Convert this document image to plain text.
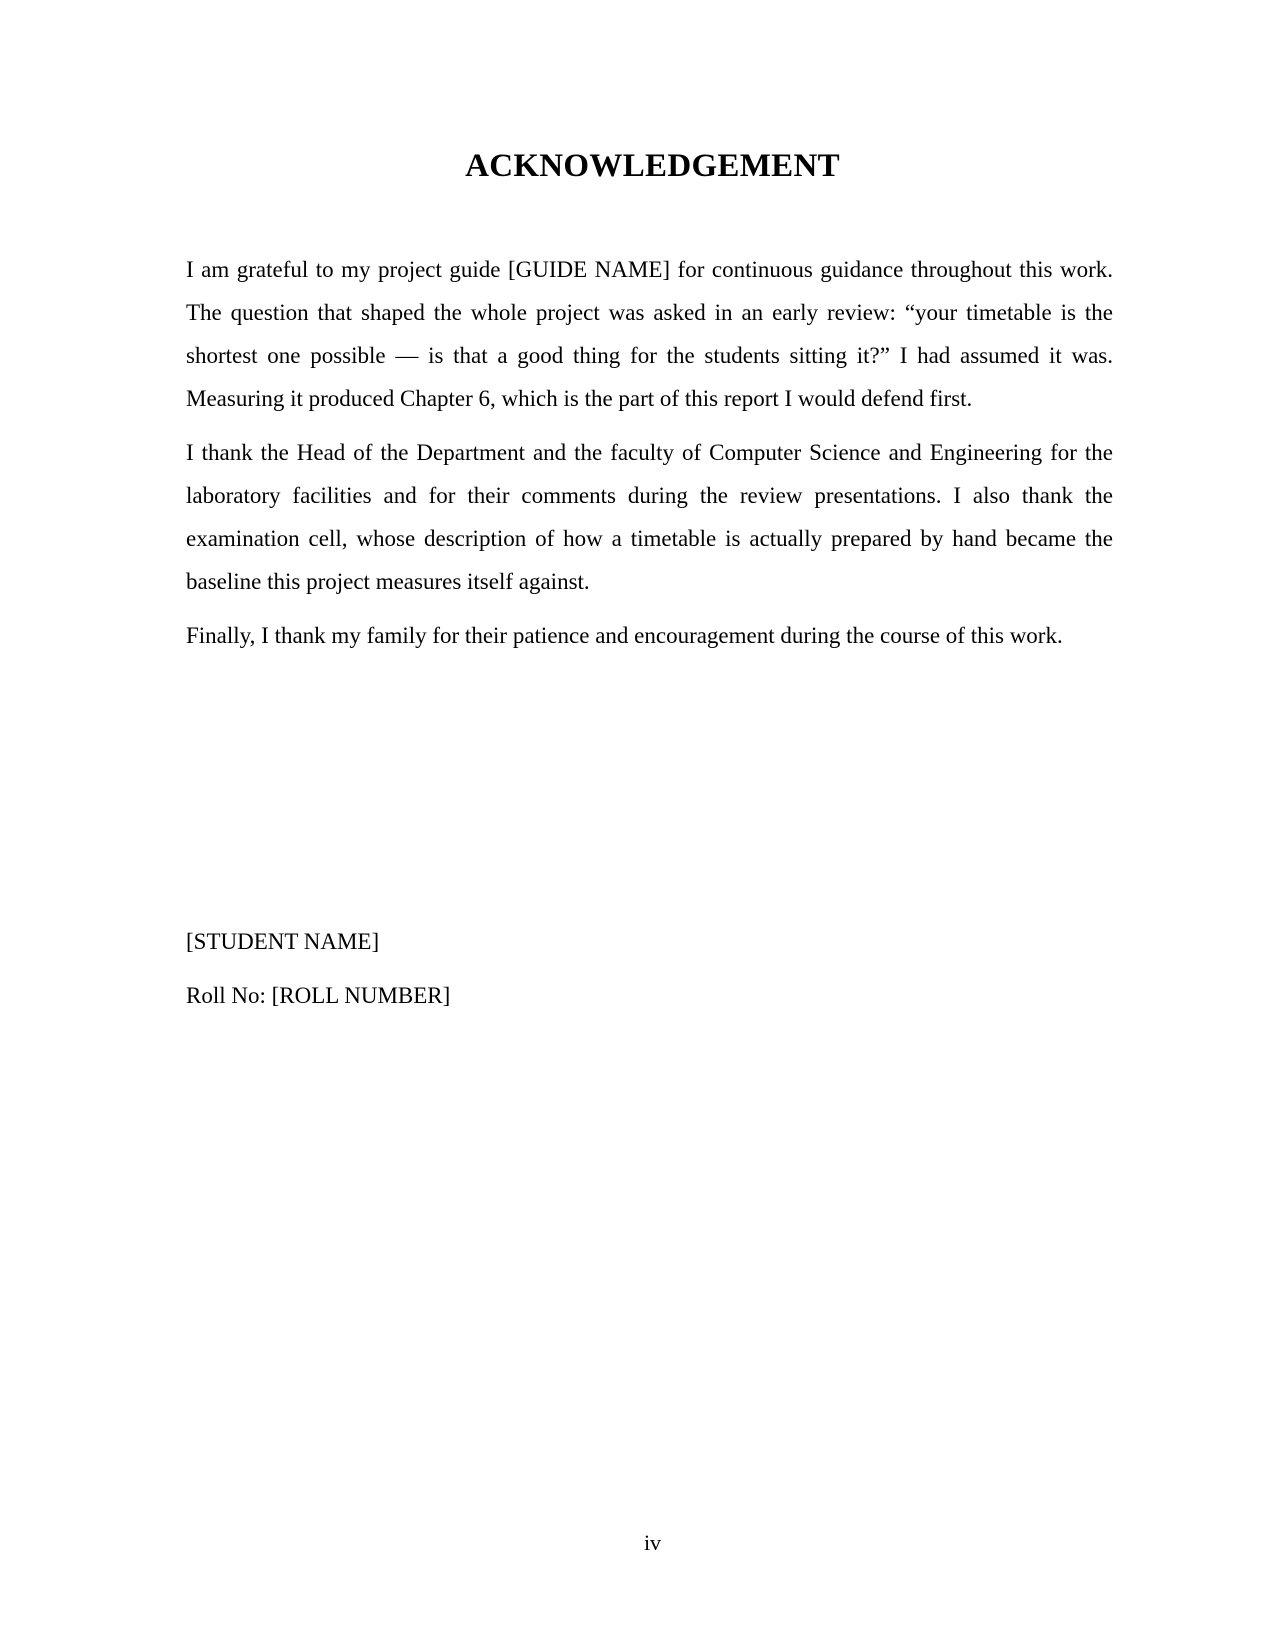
ACKNOWLEDGEMENT

I am grateful to my project guide [GUIDE NAME] for continuous guidance throughout this work. The question that shaped the whole project was asked in an early review: “your timetable is the shortest one possible — is that a good thing for the students sitting it?” I had assumed it was. Measuring it produced Chapter 6, which is the part of this report I would defend first.

I thank the Head of the Department and the faculty of Computer Science and Engineering for the laboratory facilities and for their comments during the review presentations. I also thank the examination cell, whose description of how a timetable is actually prepared by hand became the baseline this project measures itself against.

Finally, I thank my family for their patience and encouragement during the course of this work.

[STUDENT NAME]

Roll No: [ROLL NUMBER]

iv
